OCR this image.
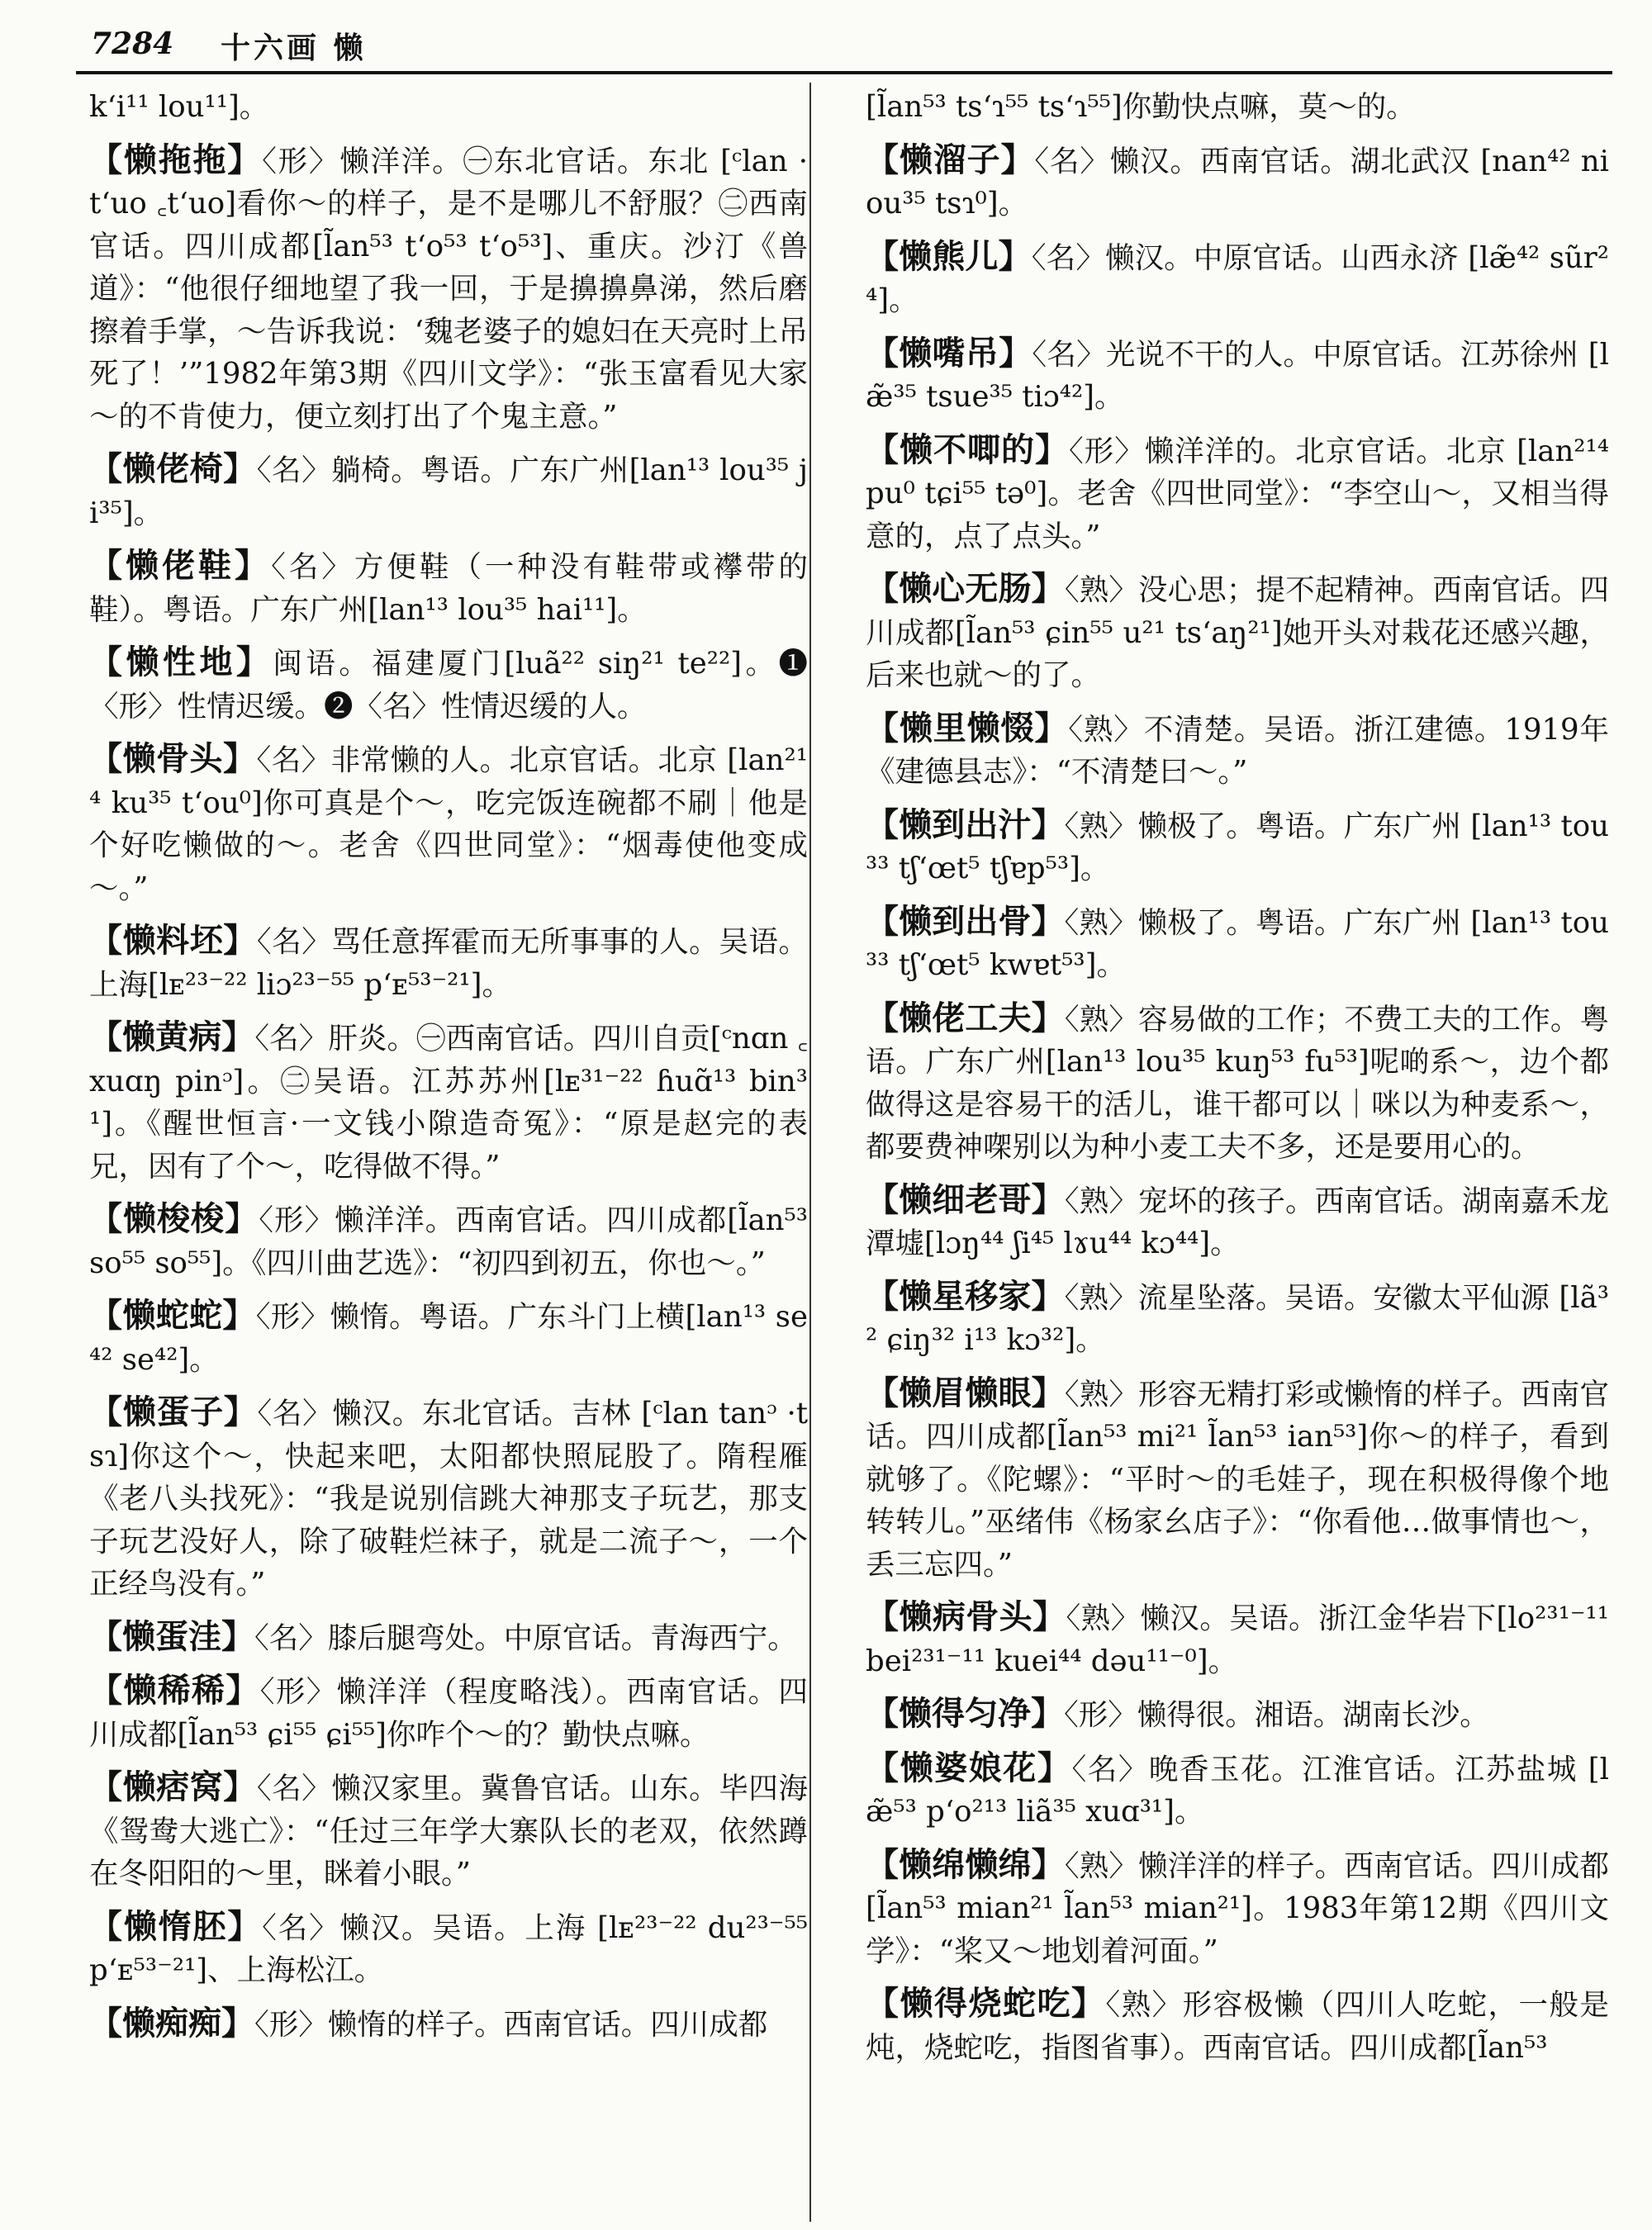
7284 十六画 懒
k‘i¹¹ lou¹¹]。
【懒拖拖】〈形〉懒洋洋。㊀东北官话。东北 [ᶜlan ·t‘uo ꜀t‘uo]看你～的样子，是不是哪儿不舒服？㊁西南官话。四川成都[l̃an⁵³ t‘o⁵³ t‘o⁵³]、重庆。沙汀《兽道》：“他很仔细地望了我一回，于是擤擤鼻涕，然后磨擦着手掌，～告诉我说：‘魏老婆子的媳妇在天亮时上吊死了！’”1982年第3期《四川文学》：“张玉富看见大家～的不肯使力，便立刻打出了个鬼主意。”
【懒佬椅】〈名〉躺椅。粤语。广东广州[lan¹³ lou³⁵ ji³⁵]。
【懒佬鞋】〈名〉方便鞋（一种没有鞋带或襻带的鞋）。粤语。广东广州[lan¹³ lou³⁵ hai¹¹]。
【懒性地】闽语。福建厦门[luã²² siŋ²¹ te²²]。❶〈形〉性情迟缓。❷〈名〉性情迟缓的人。
【懒骨头】〈名〉非常懒的人。北京官话。北京 [lan²¹⁴ ku³⁵ t‘ou⁰]你可真是个～，吃完饭连碗都不刷｜他是个好吃懒做的～。老舍《四世同堂》：“烟毒使他变成～。”
【懒料坯】〈名〉骂任意挥霍而无所事事的人。吴语。上海[lᴇ²³⁻²² liɔ²³⁻⁵⁵ p‘ᴇ⁵³⁻²¹]。
【懒黄病】〈名〉肝炎。㊀西南官话。四川自贡[ᶜnɑn ꜀xuɑŋ pinᵓ]。㊁吴语。江苏苏州[lᴇ³¹⁻²² ɦuɑ̃¹³ bin³¹]。《醒世恒言·一文钱小隙造奇冤》：“原是赵完的表兄，因有了个～，吃得做不得。”
【懒梭梭】〈形〉懒洋洋。西南官话。四川成都[l̃an⁵³ so⁵⁵ so⁵⁵]。《四川曲艺选》：“初四到初五，你也～。”
【懒蛇蛇】〈形〉懒惰。粤语。广东斗门上横[lan¹³ se⁴² se⁴²]。
【懒蛋子】〈名〉懒汉。东北官话。吉林 [ᶜlan tanᵓ ·tsɿ]你这个～，快起来吧，太阳都快照屁股了。隋程雁《老八头找死》：“我是说别信跳大神那支子玩艺，那支子玩艺没好人，除了破鞋烂袜子，就是二流子～，一个正经鸟没有。”
【懒蛋洼】〈名〉膝后腿弯处。中原官话。青海西宁。
【懒稀稀】〈形〉懒洋洋（程度略浅）。西南官话。四川成都[l̃an⁵³ ɕi⁵⁵ ɕi⁵⁵]你咋个～的？勤快点嘛。
【懒痞窝】〈名〉懒汉家里。冀鲁官话。山东。毕四海《鸳鸯大逃亡》：“任过三年学大寨队长的老双，依然蹲在冬阳阳的～里，眯着小眼。”
【懒惰胚】〈名〉懒汉。吴语。上海 [lᴇ²³⁻²² du²³⁻⁵⁵ p‘ᴇ⁵³⁻²¹]、上海松江。
【懒痴痴】〈形〉懒惰的样子。西南官话。四川成都
[l̃an⁵³ ts‘ɿ⁵⁵ ts‘ɿ⁵⁵]你勤快点嘛，莫～的。
【懒溜子】〈名〉懒汉。西南官话。湖北武汉 [nan⁴² niou³⁵ tsɿ⁰]。
【懒熊儿】〈名〉懒汉。中原官话。山西永济 [læ̃⁴² sũr²⁴]。
【懒嘴吊】〈名〉光说不干的人。中原官话。江苏徐州 [læ̃³⁵ tsue³⁵ tiɔ⁴²]。
【懒不唧的】〈形〉懒洋洋的。北京官话。北京 [lan²¹⁴ pu⁰ tɕi⁵⁵ tə⁰]。老舍《四世同堂》：“李空山～，又相当得意的，点了点头。”
【懒心无肠】〈熟〉没心思；提不起精神。西南官话。四川成都[l̃an⁵³ ɕin⁵⁵ u²¹ ts‘aŋ²¹]她开头对栽花还感兴趣，后来也就～的了。
【懒里懒惙】〈熟〉不清楚。吴语。浙江建德。1919年《建德县志》：“不清楚曰～。”
【懒到出汁】〈熟〉懒极了。粤语。广东广州 [lan¹³ tou³³ tʃ‘œt⁵ tʃɐp⁵³]。
【懒到出骨】〈熟〉懒极了。粤语。广东广州 [lan¹³ tou³³ tʃ‘œt⁵ kwɐt⁵³]。
【懒佬工夫】〈熟〉容易做的工作；不费工夫的工作。粤语。广东广州[lan¹³ lou³⁵ kuŋ⁵³ fu⁵³]呢啲系～，边个都做得这是容易干的活儿，谁干都可以｜咪以为种麦系～，都要费神㗎别以为种小麦工夫不多，还是要用心的。
【懒细老哥】〈熟〉宠坏的孩子。西南官话。湖南嘉禾龙潭墟[lɔŋ⁴⁴ ʃi⁴⁵ lɤu⁴⁴ kɔ⁴⁴]。
【懒星移家】〈熟〉流星坠落。吴语。安徽太平仙源 [lã³² ɕiŋ³² i¹³ kɔ³²]。
【懒眉懒眼】〈熟〉形容无精打彩或懒惰的样子。西南官话。四川成都[l̃an⁵³ mi²¹ l̃an⁵³ ian⁵³]你～的样子，看到就够了。《陀螺》：“平时～的毛娃子，现在积极得像个地转转儿。”巫绪伟《杨家幺店子》：“你看他…做事情也～，丢三忘四。”
【懒病骨头】〈熟〉懒汉。吴语。浙江金华岩下[lo²³¹⁻¹¹ bei²³¹⁻¹¹ kuei⁴⁴ dəu¹¹⁻⁰]。
【懒得匀净】〈形〉懒得很。湘语。湖南长沙。
【懒婆娘花】〈名〉晚香玉花。江淮官话。江苏盐城 [læ̃⁵³ p‘o²¹³ liã³⁵ xuɑ³¹]。
【懒绵懒绵】〈熟〉懒洋洋的样子。西南官话。四川成都[l̃an⁵³ mian²¹ l̃an⁵³ mian²¹]。1983年第12期《四川文学》：“桨又～地划着河面。”
【懒得烧蛇吃】〈熟〉形容极懒（四川人吃蛇，一般是炖，烧蛇吃，指图省事）。西南官话。四川成都[l̃an⁵³
